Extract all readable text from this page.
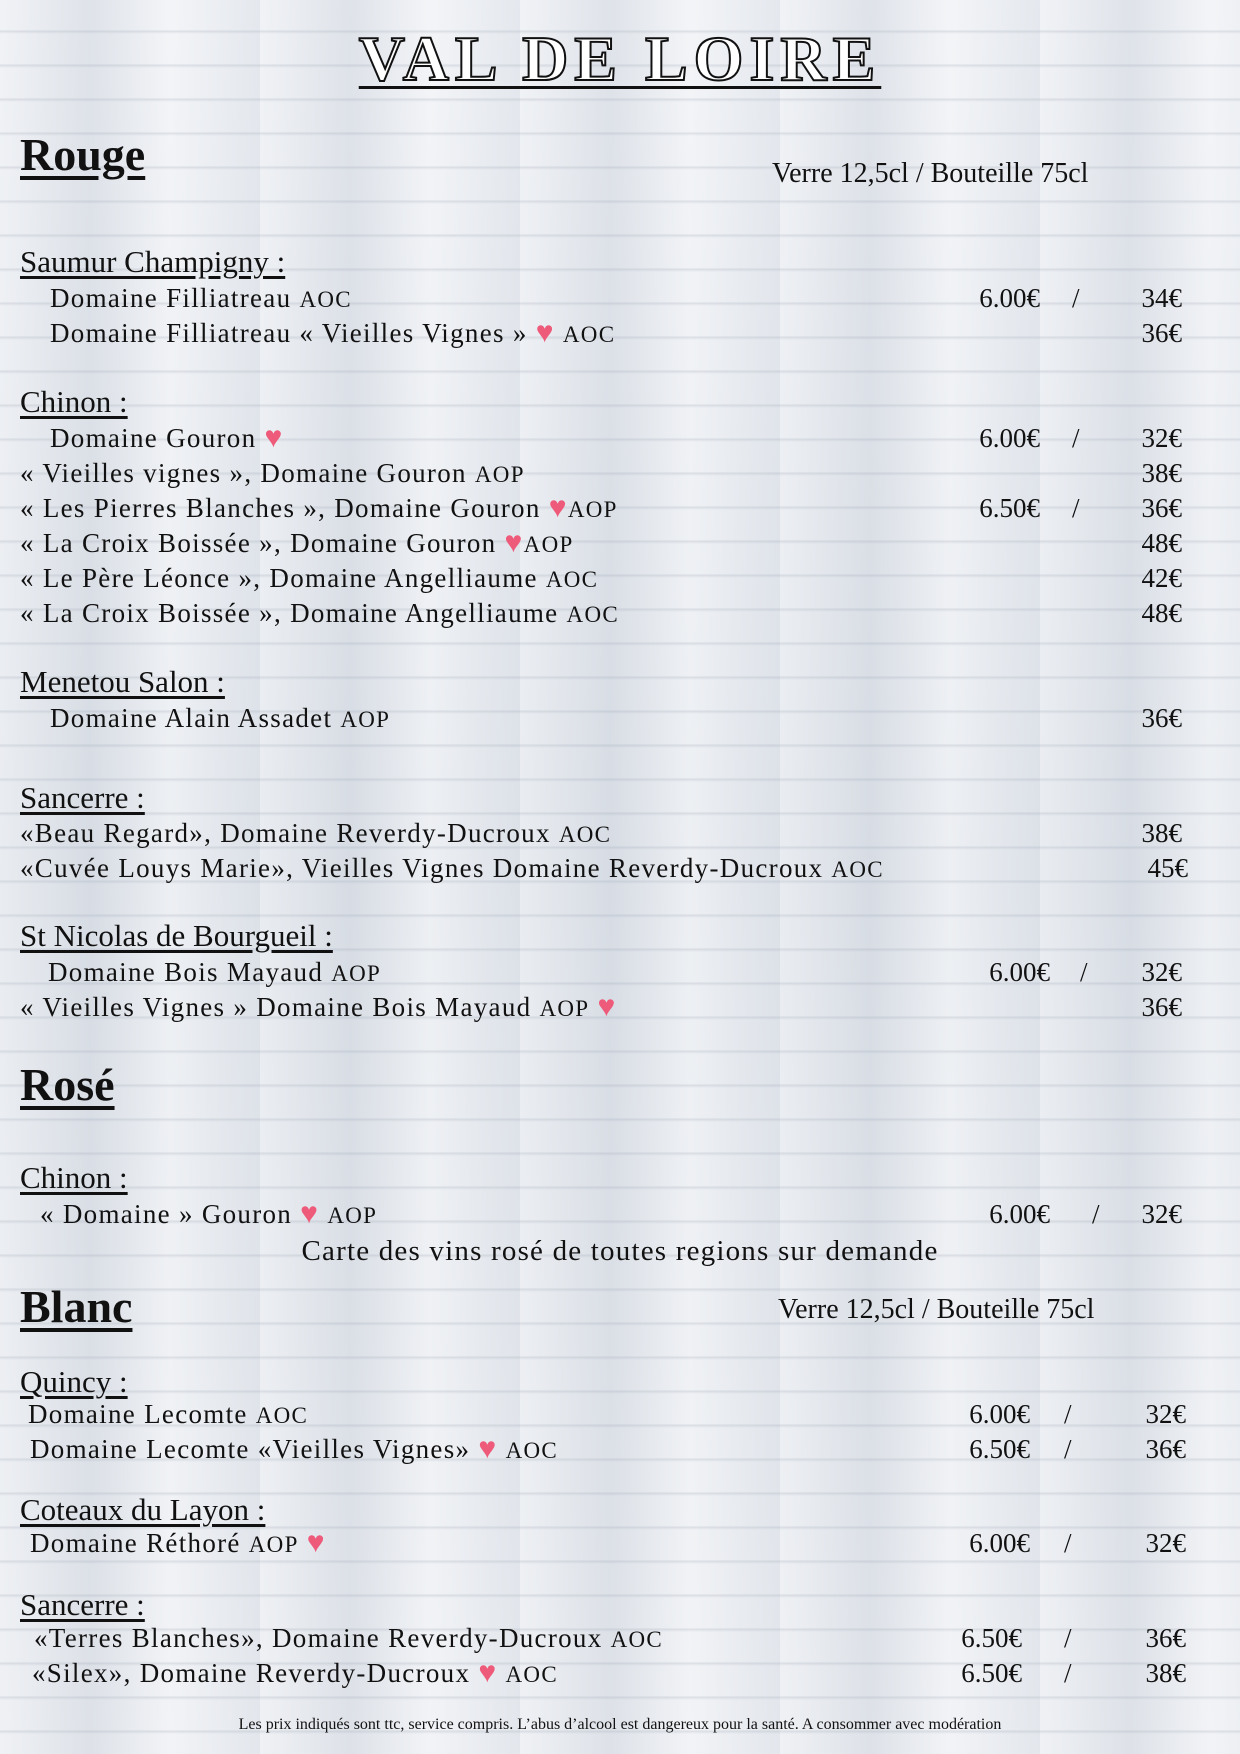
VAL DE LOIRE
Rouge	Verre 12,5cl / Bouteille 75cl
Saumur Champigny :
Domaine Filliatreau AOC	6.00€ /	34€
Domaine Filliatreau « Vieilles Vignes » ♥ AOC	36€
Chinon :
Domaine Gouron ♥	6.00€ /	32€
« Vieilles vignes », Domaine Gouron AOP	38€
« Les Pierres Blanches », Domaine Gouron ♥AOP	6.50€ /	36€
« La Croix Boissée », Domaine Gouron ♥AOP	48€
« Le Père Léonce », Domaine Angelliaume AOC	42€
« La Croix Boissée », Domaine Angelliaume AOC	48€
Menetou Salon :
Domaine Alain Assadet AOP	36€
Sancerre :
«Beau Regard», Domaine Reverdy-Ducroux AOC	38€
«Cuvée Louys Marie», Vieilles Vignes Domaine Reverdy-Ducroux AOC	45€
St Nicolas de Bourgueil :
Domaine Bois Mayaud AOP	6.00€ /	32€
« Vieilles Vignes » Domaine Bois Mayaud AOP ♥	36€
Rosé
Chinon :
« Domaine » Gouron ♥ AOP	6.00€ /	32€
Carte des vins rosé de toutes regions sur demande
Blanc	Verre 12,5cl / Bouteille 75cl
Quincy :
Domaine Lecomte AOC	6.00€ /	32€
Domaine Lecomte «Vieilles Vignes» ♥ AOC	6.50€ /	36€
Coteaux du Layon :
Domaine Réthoré AOP ♥	6.00€ /	32€
Sancerre :
«Terres Blanches», Domaine Reverdy-Ducroux AOC	6.50€ /	36€
«Silex», Domaine Reverdy-Ducroux ♥ AOC	6.50€ /	38€
Les prix indiqués sont ttc, service compris. L’abus d’alcool est dangereux pour la santé. A consommer avec modération
